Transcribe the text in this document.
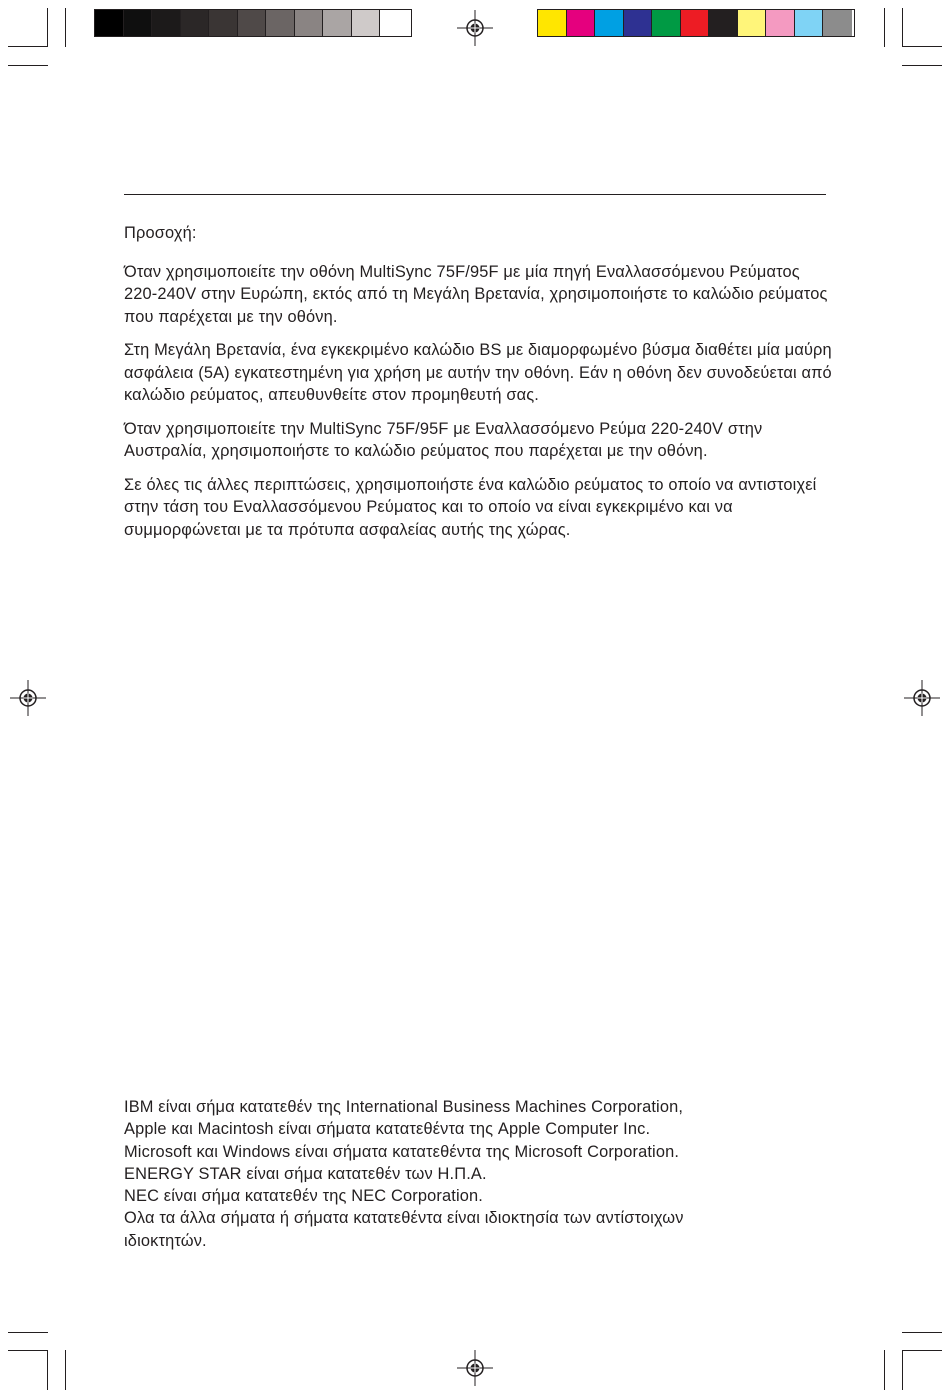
Προσοχή:

Όταν χρησιμοποιείτε την οθόνη MultiSync 75F/95F με μία πηγή Εναλλασσόμενου Ρεύματος 220-240V στην Ευρώπη, εκτός από τη Μεγάλη Βρετανία, χρησιμοποιήστε το καλώδιο ρεύματος που παρέχεται με την οθόνη.

Στη Μεγάλη Βρετανία, ένα εγκεκριμένο καλώδιο BS με διαμορφωμένο βύσμα διαθέτει μία μαύρη ασφάλεια (5A) εγκατεστημένη για χρήση με αυτήν την οθόνη. Εάν η οθόνη δεν συνοδεύεται από καλώδιο ρεύματος, απευθυνθείτε στον προμηθευτή σας.

Όταν χρησιμοποιείτε την MultiSync 75F/95F με Εναλλασσόμενο Ρεύμα 220-240V στην Αυστραλία, χρησιμοποιήστε το καλώδιο ρεύματος που παρέχεται με την οθόνη.

Σε όλες τις άλλες περιπτώσεις, χρησιμοποιήστε ένα καλώδιο ρεύματος το οποίο να αντιστοιχεί στην τάση του Εναλλασσόμενου Ρεύματος και το οποίο να είναι εγκεκριμένο και να συμμορφώνεται με τα πρότυπα ασφαλείας αυτής της χώρας.

IBM είναι σήμα κατατεθέν της International Business Machines Corporation,
Apple και Macintosh είναι σήματα κατατεθέντα της Apple Computer Inc.
Microsoft και Windows είναι σήματα κατατεθέντα της Microsoft Corporation.
ENERGY STAR είναι σήμα κατατεθέν των Η.Π.Α.
NEC είναι σήμα κατατεθέν της NEC Corporation.
Ολα τα άλλα σήματα ή σήματα κατατεθέντα είναι ιδιοκτησία των αντίστοιχων
ιδιοκτητών.
